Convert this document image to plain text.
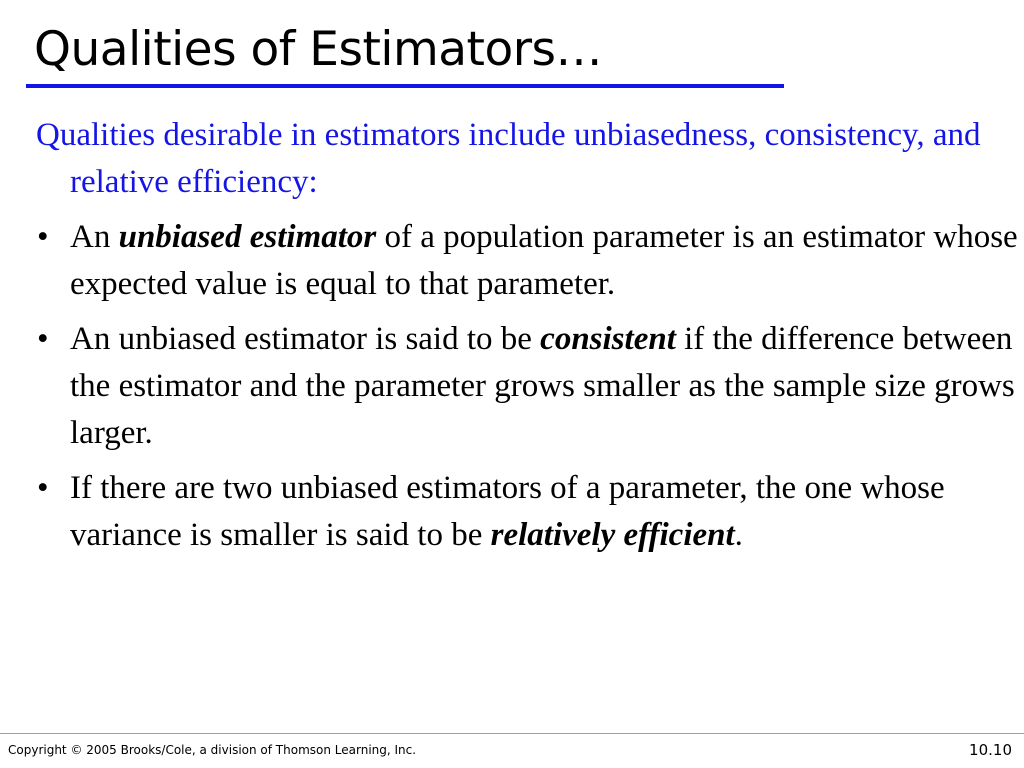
Qualities of Estimators…

Qualities desirable in estimators include unbiasedness, consistency, and relative efficiency:

• An unbiased estimator of a population parameter is an estimator whose expected value is equal to that parameter.
• An unbiased estimator is said to be consistent if the difference between the estimator and the parameter grows smaller as the sample size grows larger.
• If there are two unbiased estimators of a parameter, the one whose variance is smaller is said to be relatively efficient.
Copyright © 2005 Brooks/Cole, a division of Thomson Learning, Inc.	10.10
